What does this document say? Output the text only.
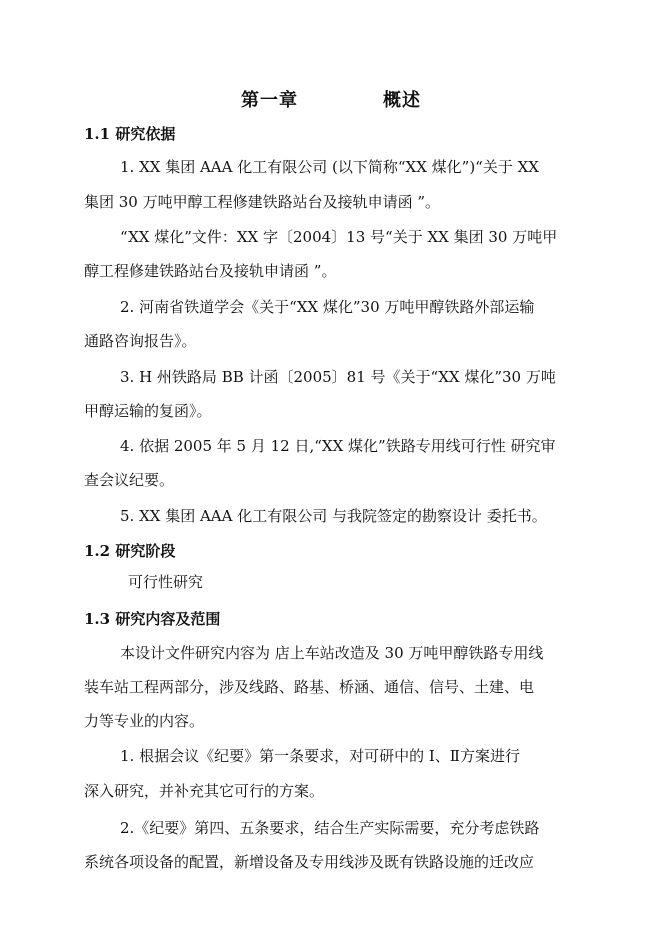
第一章    概述
1.1 研究依据
1. XX 集团 AAA 化工有限公司 (以下简称“XX 煤化”)“关于 XX
集团 30 万吨甲醇工程修建铁路站台及接轨申请函 ”。
“XX 煤化”文件：XX 字〔2004〕13 号“关于 XX 集团 30 万吨甲
醇工程修建铁路站台及接轨申请函 ”。
2. 河南省铁道学会《关于“XX 煤化”30 万吨甲醇铁路外部运输
通路咨询报告》。
3. H 州铁路局 BB 计函〔2005〕81 号《关于“XX 煤化”30 万吨
甲醇运输的复函》。
4. 依据 2005 年 5 月 12 日,“XX 煤化”铁路专用线可行性 研究审
查会议纪要。
5. XX 集团 AAA 化工有限公司 与我院签定的勘察设计 委托书。
1.2 研究阶段
可行性研究
1.3 研究内容及范围
本设计文件研究内容为 店上车站改造及 30 万吨甲醇铁路专用线
装车站工程两部分，涉及线路、路基、桥涵、通信、信号、土建、电
力等专业的内容。
1. 根据会议《纪要》第一条要求，对可研中的 Ⅰ、Ⅱ方案进行
深入研究，并补充其它可行的方案。
2.《纪要》第四、五条要求，结合生产实际需要，充分考虑铁路
系统各项设备的配置，新增设备及专用线涉及既有铁路设施的迁改应
